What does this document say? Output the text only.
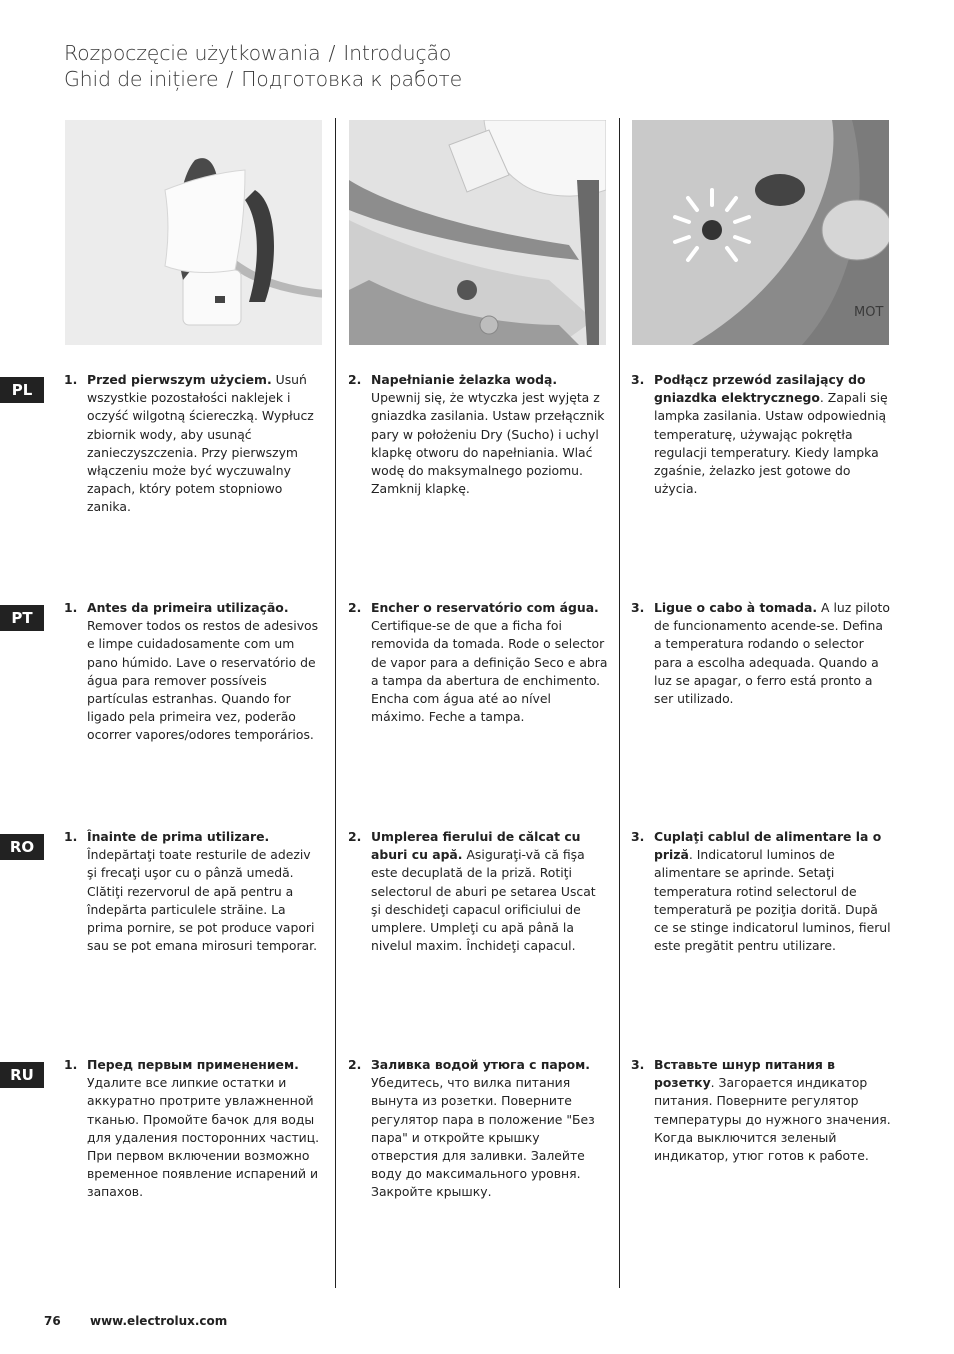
Rozpoczęcie użytkowania / Introdução
Ghid de inițiere / Подготовка к работе
MOT
PL
PT
RO
RU
1. Przed pierwszym użyciem. Usuń wszystkie pozostałości naklejek i oczyść wilgotną ściereczką. Wypłucz zbiornik wody, aby usunąć zanieczyszczenia. Przy pierwszym włączeniu może być wyczuwalny zapach, który potem stopniowo zanika.
2. Napełnianie żelazka wodą. Upewnij się, że wtyczka jest wyjęta z gniazdka zasilania. Ustaw przełącznik pary w położeniu Dry (Sucho) i uchyl klapkę otworu do napełniania. Wlać wodę do maksymalnego poziomu. Zamknij klapkę.
3. Podłącz przewód zasilający do gniazdka elektrycznego. Zapali się lampka zasilania. Ustaw odpowiednią temperaturę, używając pokrętła regulacji temperatury. Kiedy lampka zgaśnie, żelazko jest gotowe do użycia.
1. Antes da primeira utilização. Remover todos os restos de adesivos e limpe cuidadosamente com um pano húmido. Lave o reservatório de água para remover possíveis partículas estranhas. Quando for ligado pela primeira vez, poderão ocorrer vapores/odores temporários.
2. Encher o reservatório com água. Certifique-se de que a ficha foi removida da tomada. Rode o selector de vapor para a definição Seco e abra a tampa da abertura de enchimento. Encha com água até ao nível máximo. Feche a tampa.
3. Ligue o cabo à tomada. A luz piloto de funcionamento acende-se. Defina a temperatura rodando o selector para a escolha adequada. Quando a luz se apagar, o ferro está pronto a ser utilizado.
1. Înainte de prima utilizare. Îndepărtaţi toate resturile de adeziv şi frecaţi uşor cu o pânză umedă. Clătiţi rezervorul de apă pentru a îndepărta particulele străine. La prima pornire, se pot produce vapori sau se pot emana mirosuri temporar.
2. Umplerea fierului de călcat cu aburi cu apă. Asiguraţi-vă că fişa este decuplată de la priză. Rotiţi selectorul de aburi pe setarea Uscat şi deschideţi capacul orificiului de umplere. Umpleţi cu apă până la nivelul maxim. Închideţi capacul.
3. Cuplaţi cablul de alimentare la o priză. Indicatorul luminos de alimentare se aprinde. Setaţi temperatura rotind selectorul de temperatură pe poziţia dorită. După ce se stinge indicatorul luminos, fierul este pregătit pentru utilizare.
1. Перед первым применением. Удалите все липкие остатки и аккуратно протрите увлажненной тканью. Промойте бачок для воды для удаления посторонних частиц. При первом включении возможно временное появление испарений и запахов.
2. Заливка водой утюга с паром. Убедитесь, что вилка питания вынута из розетки. Поверните регулятор пара в положение "Без пара" и откройте крышку отверстия для заливки. Залейте воду до максимального уровня. Закройте крышку.
3. Вставьте шнур питания в розетку. Загорается индикатор питания. Поверните регулятор температуры до нужного значения. Когда выключится зеленый индикатор, утюг готов к работе.
76 www.electrolux.com
